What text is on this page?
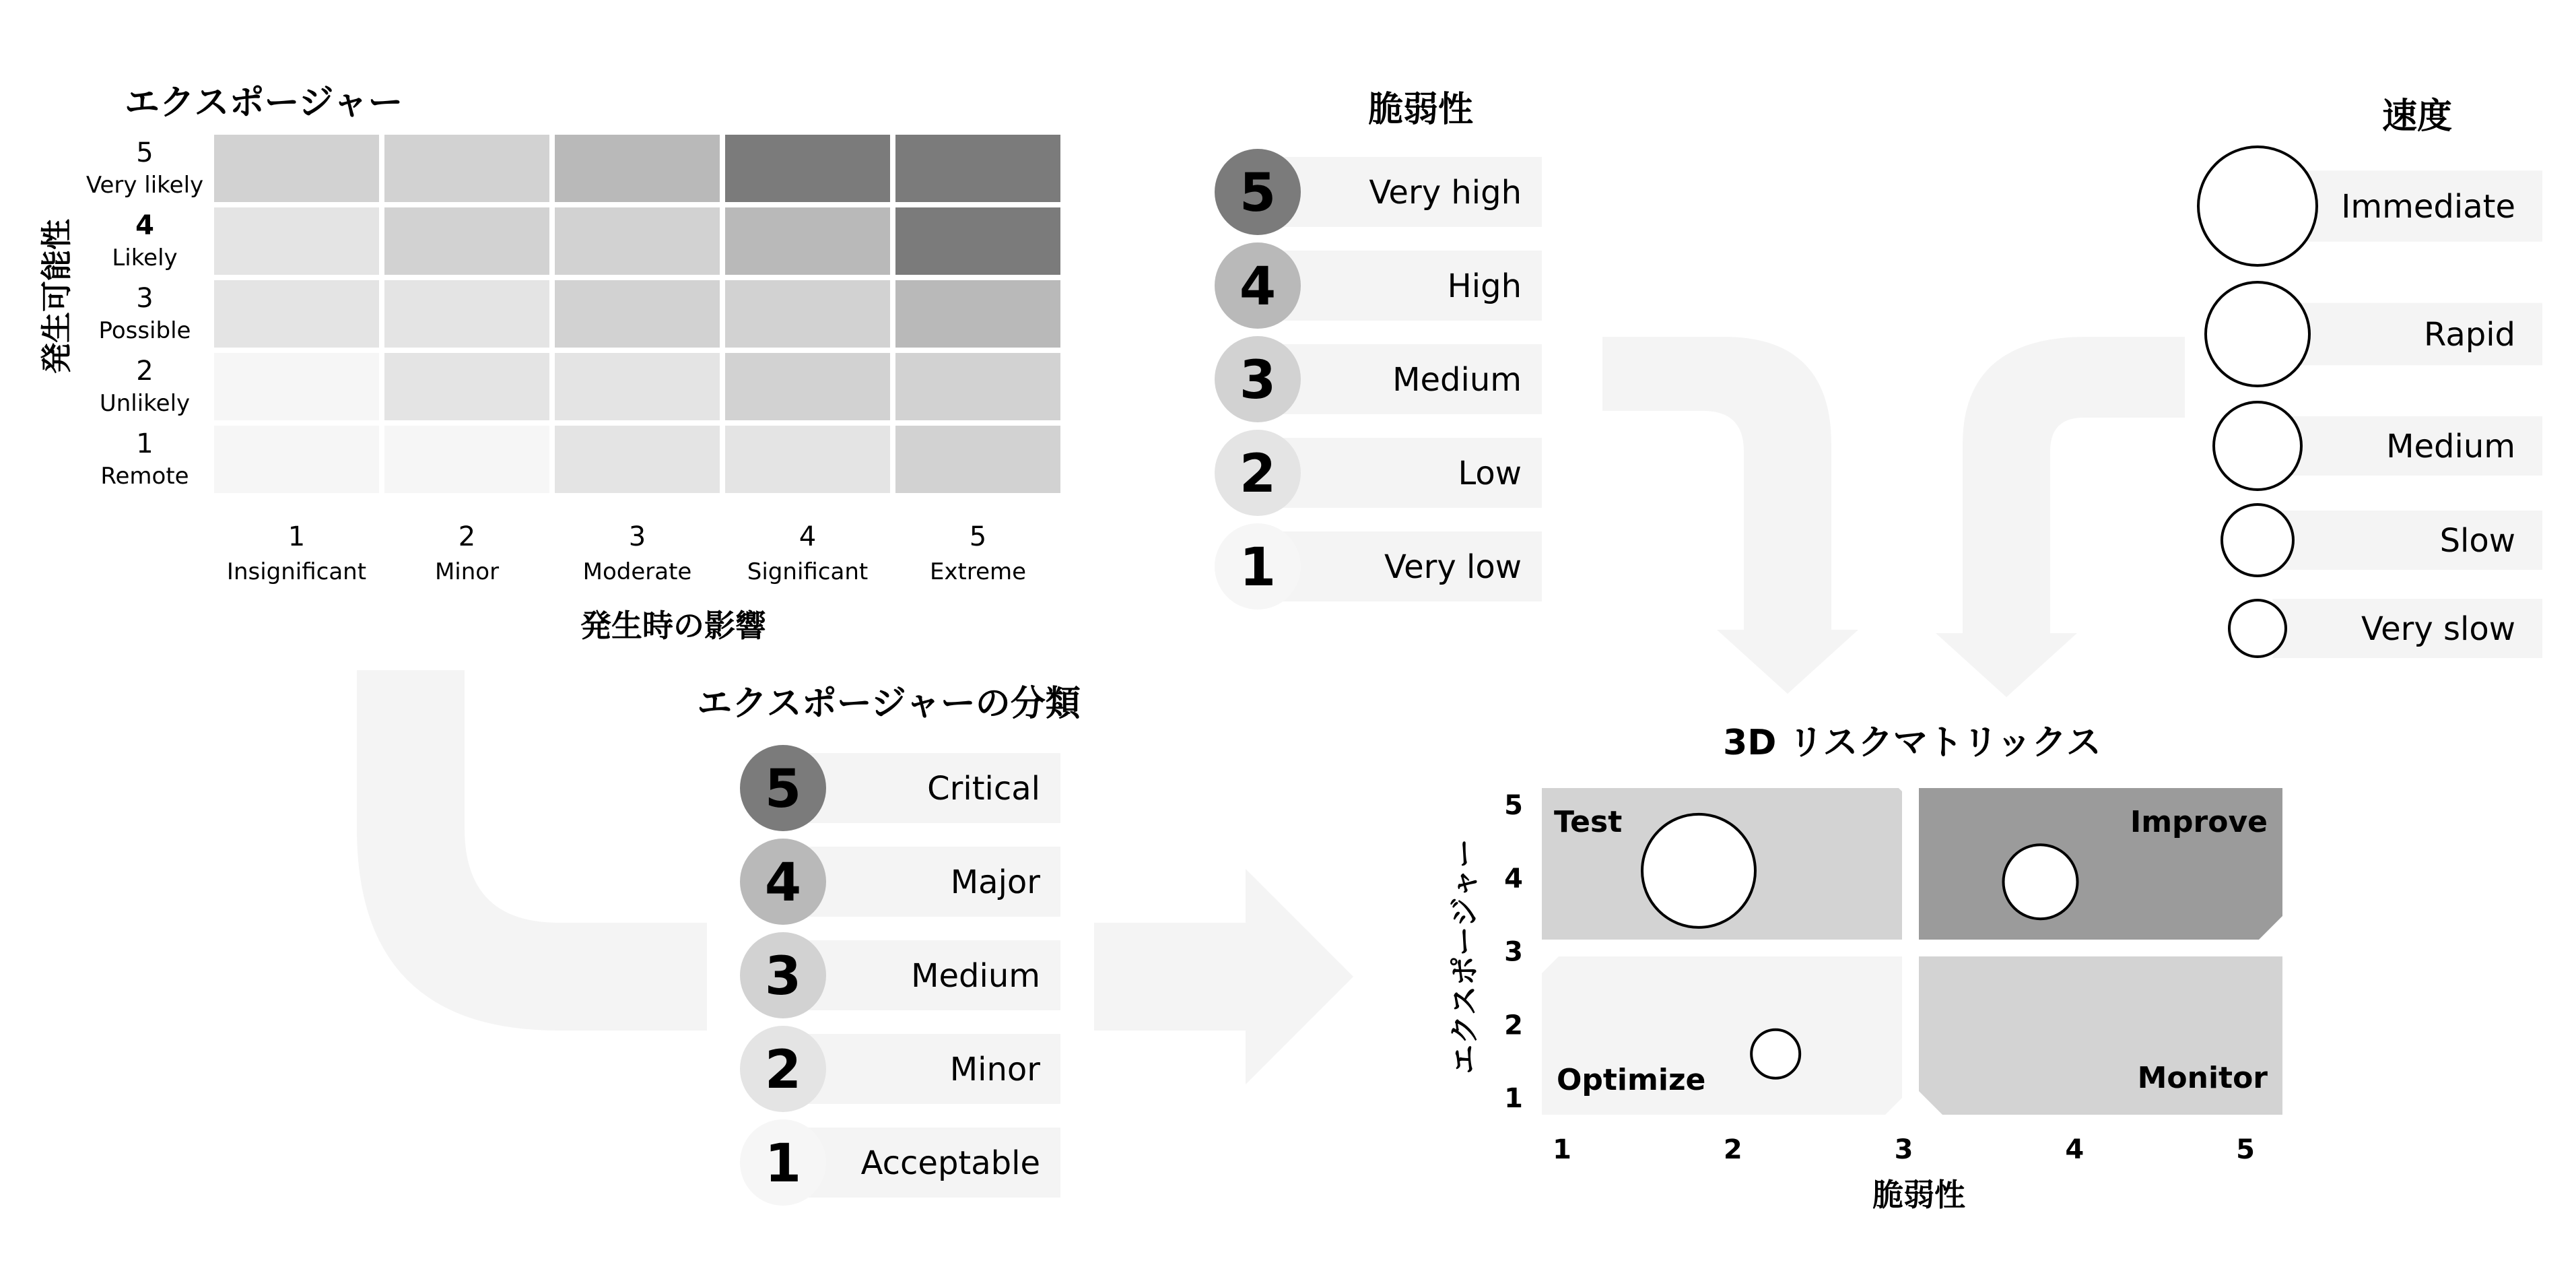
エクスポージャー
発生可能性
5
Very likely
4
Likely
3
Possible
2
Unlikely
1
Remote
1
Insignificant
2
Minor
3
Moderate
4
Significant
5
Extreme
発生時の影響
脆弱性
5	Very high
4	High
3	Medium
2	Low
1	Very low
速度
Immediate
Rapid
Medium
Slow
Very slow
エクスポージャーの分類
5	Critical
4	Major
3	Medium
2	Minor
1 Acceptable
3D リスクマトリックス
Test	Improve
Optimize	Monitor
1
2
3
4
5
1	2	3	4	5
脆弱性
エクスポージャー
